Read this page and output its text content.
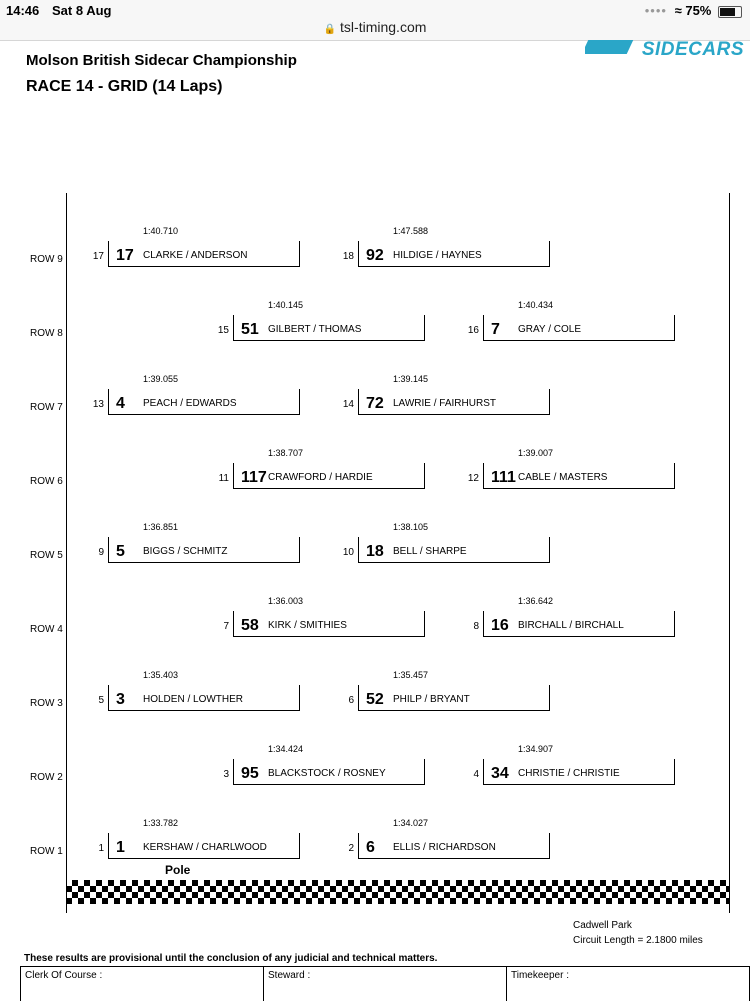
14:46 Sat 8 Aug
🔒 tsl-timing.com
•••• ≈ 75%
SIDECARS
Molson British Sidecar Championship
RACE 14 - GRID (14 Laps)
ROW 9	17 17 CLARKE / ANDERSON
1:40.710
18 92 HILDIGE / HAYNES
1:47.588
ROW 8	15 51 GILBERT / THOMAS
1:40.145
16 7 GRAY / COLE
1:40.434
ROW 7	13 4 PEACH / EDWARDS
1:39.055
14 72 LAWRIE / FAIRHURST
1:39.145
ROW 6	11 117 CRAWFORD / HARDIE
1:38.707
12 111 CABLE / MASTERS
1:39.007
ROW 5	9 5 BIGGS / SCHMITZ
1:36.851
10 18 BELL / SHARPE
1:38.105
ROW 4	7 58 KIRK / SMITHIES
1:36.003
8 16 BIRCHALL / BIRCHALL
1:36.642
ROW 3	5 3 HOLDEN / LOWTHER
1:35.403
6 52 PHILP / BRYANT
1:35.457
ROW 2	3 95 BLACKSTOCK / ROSNEY
1:34.424
4 34 CHRISTIE / CHRISTIE
1:34.907
ROW 1	1 1 KERSHAW / CHARLWOOD
1:33.782
2 6 ELLIS / RICHARDSON
1:34.027
Pole
Cadwell Park
Circuit Length = 2.1800 miles
These results are provisional until the conclusion of any judicial and technical matters.
Clerk Of Course :	Steward :	Timekeeper :
